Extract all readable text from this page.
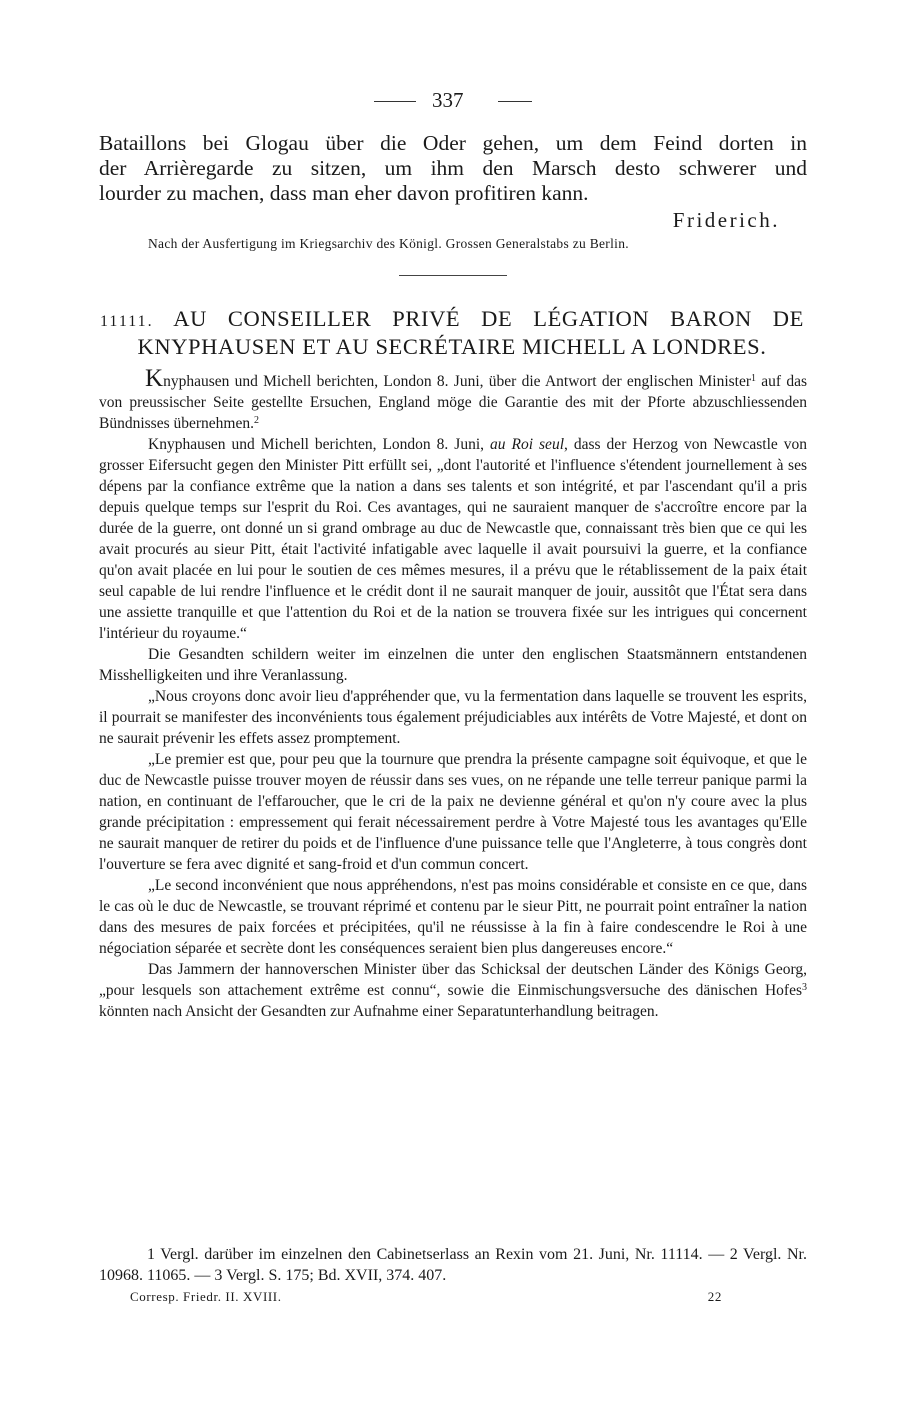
337
Bataillons bei Glogau über die Oder gehen, um dem Feind dorten in
der Arrièregarde zu sitzen, um ihm den Marsch desto schwerer und
lourder zu machen, dass man eher davon profitiren kann.
Friderich.
Nach der Ausfertigung im Kriegsarchiv des Königl. Grossen Generalstabs zu Berlin.
11111. AU CONSEILLER PRIVÉ DE LÉGATION BARON DE
KNYPHAUSEN ET AU SECRÉTAIRE MICHELL A LONDRES.

Knyphausen und Michell berichten, London 8. Juni, über die Antwort der englischen Minister$^1$ auf das von preussischer Seite gestellte Ersuchen, England möge die Garantie des mit der Pforte abzuschliessenden Bündnisses übernehmen.$^2$

Knyphausen und Michell berichten, London 8. Juni, au Roi seul, dass der Herzog von Newcastle von grosser Eifersucht gegen den Minister Pitt erfüllt sei, „dont l'autorité et l'influence s'étendent journellement à ses dépens par la confiance extrême que la nation a dans ses talents et son intégrité, et par l'ascendant qu'il a pris depuis quelque temps sur l'esprit du Roi. Ces avantages, qui ne sauraient manquer de s'accroître encore par la durée de la guerre, ont donné un si grand ombrage au duc de Newcastle que, connaissant très bien que ce qui les avait procurés au sieur Pitt, était l'activité infatigable avec laquelle il avait poursuivi la guerre, et la confiance qu'on avait placée en lui pour le soutien de ces mêmes mesures, il a prévu que le rétablissement de la paix était seul capable de lui rendre l'influence et le crédit dont il ne saurait manquer de jouir, aussitôt que l'État sera dans une assiette tranquille et que l'attention du Roi et de la nation se trouvera fixée sur les intrigues qui concernent l'intérieur du royaume.“

Die Gesandten schildern weiter im einzelnen die unter den englischen Staatsmännern entstandenen Misshelligkeiten und ihre Veranlassung.

„Nous croyons donc avoir lieu d'appréhender que, vu la fermentation dans laquelle se trouvent les esprits, il pourrait se manifester des inconvénients tous également préjudiciables aux intérêts de Votre Majesté, et dont on ne saurait prévenir les effets assez promptement.

„Le premier est que, pour peu que la tournure que prendra la présente campagne soit équivoque, et que le duc de Newcastle puisse trouver moyen de réussir dans ses vues, on ne répande une telle terreur panique parmi la nation, en continuant de l'effaroucher, que le cri de la paix ne devienne général et qu'on n'y coure avec la plus grande précipitation : empressement qui ferait nécessairement perdre à Votre Majesté tous les avantages qu'Elle ne saurait manquer de retirer du poids et de l'influence d'une puissance telle que l'Angleterre, à tous congrès dont l'ouverture se fera avec dignité et sang-froid et d'un commun concert.

„Le second inconvénient que nous appréhendons, n'est pas moins considérable et consiste en ce que, dans le cas où le duc de Newcastle, se trouvant réprimé et contenu par le sieur Pitt, ne pourrait point entraîner la nation dans des mesures de paix forcées et précipitées, qu'il ne réussisse à la fin à faire condescendre le Roi à une négociation séparée et secrète dont les conséquences seraient bien plus dangereuses encore.“

Das Jammern der hannoverschen Minister über das Schicksal der deutschen Länder des Königs Georg, „pour lesquels son attachement extrême est connu“, sowie die Einmischungsversuche des dänischen Hofes$^3$ könnten nach Ansicht der Gesandten zur Aufnahme einer Separatunterhandlung beitragen.

1 Vergl. darüber im einzelnen den Cabinetserlass an Rexin vom 21. Juni, Nr. 11114. — 2 Vergl. Nr. 10968. 11065. — 3 Vergl. S. 175; Bd. XVII, 374. 407.
Corresp. Friedr. II. XVIII.	22
